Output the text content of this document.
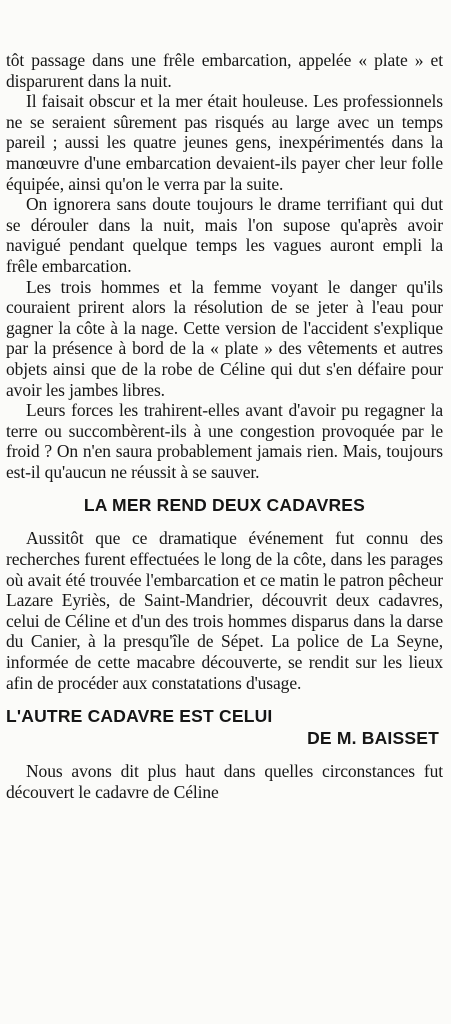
tôt passage dans une frêle embarcation, appelée « plate » et disparurent dans la nuit.

Il faisait obscur et la mer était houleuse. Les professionnels ne se seraient sûrement pas risqués au large avec un temps pareil ; aussi les quatre jeunes gens, inexpérimentés dans la manœuvre d'une embarcation devaient-ils payer cher leur folle équipée, ainsi qu'on le verra par la suite.

On ignorera sans doute toujours le drame terrifiant qui dut se dérouler dans la nuit, mais l'on supose qu'après avoir navigué pendant quelque temps les vagues auront empli la frêle embarcation.

Les trois hommes et la femme voyant le danger qu'ils couraient prirent alors la résolution de se jeter à l'eau pour gagner la côte à la nage. Cette version de l'accident s'explique par la présence à bord de la « plate » des vêtements et autres objets ainsi que de la robe de Céline qui dut s'en défaire pour avoir les jambes libres.

Leurs forces les trahirent-elles avant d'avoir pu regagner la terre ou succombèrent-ils à une congestion provoquée par le froid ? On n'en saura probablement jamais rien. Mais, toujours est-il qu'aucun ne réussit à se sauver.

LA MER REND DEUX CADAVRES

Aussitôt que ce dramatique événement fut connu des recherches furent effectuées le long de la côte, dans les parages où avait été trouvée l'embarcation et ce matin le patron pêcheur Lazare Eyriès, de Saint-Mandrier, découvrit deux cadavres, celui de Céline et d'un des trois hommes disparus dans la darse du Canier, à la presqu'île de Sépet. La police de La Seyne, informée de cette macabre découverte, se rendit sur les lieux afin de procéder aux constatations d'usage.

L'AUTRE CADAVRE EST CELUI

DE M. BAISSET

Nous avons dit plus haut dans quelles circonstances fut découvert le cadavre de Céline
